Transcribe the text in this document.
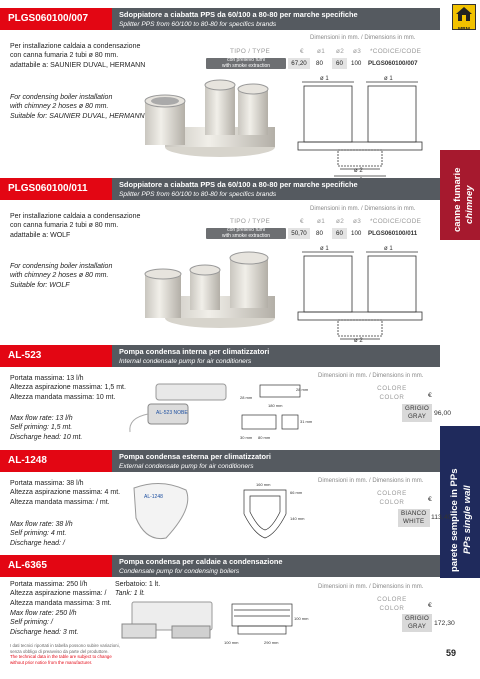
canne fumarie chimney
parete semplice in PPs PPs single wall
PLGS060100/007	Sdoppiatore a ciabatta PPS da 60/100 a 80-80 per marche specifiche
Splitter PPS from 60/100 to 80-80 for specifics brands
Per installazione caldaia a condensazione
con canna fumaria 2 tubi ø 80 mm.
adattabile a: SAUNIER DUVAL, HERMANN
For condensing boiler installation
with chimney 2 hoses ø 80 mm.
Suitable for: SAUNIER DUVAL, HERMANN
Dimensioni in mm. / Dimensions in mm.
TIPO / TYPE	€ ø1 ø2 ø3 *CODICE/CODE
con prelievo fumi
with smoke extraction	67,20	80	60	100 PLGS060100/007
ø 1	ø 1
ø 2
PLGS060100/011	Sdoppiatore a ciabatta PPS da 60/100 a 80-80 per marche specifiche
Splitter PPS from 60/100 to 80-80 for specifics brands
Per installazione caldaia a condensazione
con canna fumaria 2 tubi ø 80 mm.
adattabile a: WOLF
For condensing boiler installation
with chimney 2 hoses ø 80 mm.
Suitable for: WOLF
Dimensioni in mm. / Dimensions in mm.
TIPO / TYPE	€ ø1 ø2 ø3 *CODICE/CODE
con prelievo fumi
with smoke extraction	50,70	80	60	100 PLGS060100/011
ø 1	ø 1
ø 2
AL-523	Pompa condensa interna per climatizzatori
Internal condensate pump for air conditioners
Portata massima: 13 l/h
Altezza aspirazione massima: 1,5 mt.
Altezza mandata massima: 10 mt.
Max flow rate: 13 l/h
Self priming: 1,5 mt.
Discharge head: 10 mt.
Dimensioni in mm. / Dimensions in mm.
COLORE
COLOR	€
GRIGIO
GRAY	96,00
AL-523 NOBE
28 mm
28 mm
180 mm
31 mm
30 mm 80 mm
AL-1248	Pompa condensa esterna per climatizzatori
External condensate pump for air conditioners
Portata massima: 38 l/h
Altezza aspirazione massima: 4 mt.
Altezza mandata massima: / mt.
Max flow rate: 38 l/h
Self priming: 4 mt.
Discharge head: /
Dimensioni in mm. / Dimensions in mm.
COLORE
COLOR	€
BIANCO
WHITE
113,40
AL-1248
160 mm
66 mm
140 mm
AL-6365	Pompa condensa per caldaie a condensazione
Condensate pump for condensing boilers
Portata massima: 250 l/h
Altezza aspirazione massima: /
Altezza mandata massima: 3 mt.
Max flow rate: 250 l/h
Self priming: /
Discharge head: 3 mt.
Serbatoio: 1 lt.
Tank: 1 lt.
Dimensioni in mm. / Dimensions in mm.
COLORE
COLOR	€
GRIGIO
GRAY	172,30
100 mm
100 mm	290 mm
I dati tecnici riportati in tabella possono subire variazioni,
senza obbligo di preavviso da parte del produttore.
The technical data in the table are subject to change
without prior notice from the manufacturer.
59
